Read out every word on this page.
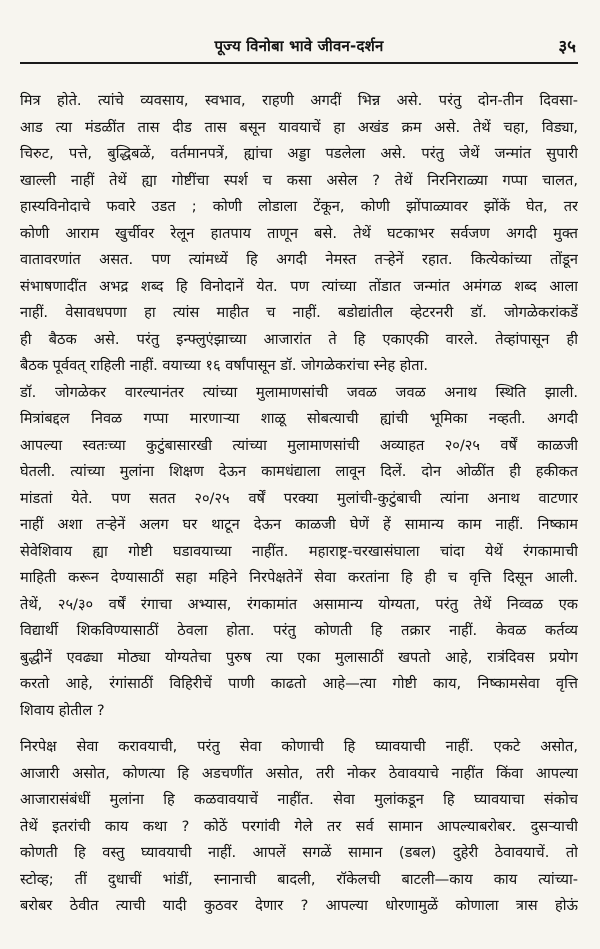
पूज्य विनोबा भावे जीवन-दर्शन	३५
मित्र होते. त्यांचे व्यवसाय, स्वभाव, राहणी अगदीं भिन्न असे. परंतु दोन-तीन दिवसा-
आड त्या मंडळींत तास दीड तास बसून यावयाचें हा अखंड क्रम असे. तेथें चहा, विड्या,
चिरुट, पत्ते, बुद्धिबळें, वर्तमानपत्रें, ह्यांचा अड्डा पडलेला असे. परंतु जेथें जन्मांत सुपारी
खाल्ली नाहीं तेथें ह्या गोष्टींचा स्पर्श च कसा असेल ? तेथें निरनिराळ्या गप्पा चालत,
हास्यविनोदाचे फवारे उडत ; कोणी लोडाला टेंकून, कोणी झोंपाळ्यावर झोंकें घेत, तर
कोणी आराम खुर्चीवर रेलून हातपाय ताणून बसे. तेथें घटकाभर सर्वजण अगदी मुक्त
वातावरणांत असत. पण त्यांमध्यें हि अगदी नेमस्त तऱ्हेनें रहात. कित्येकांच्या तोंडून
संभाषणादींत अभद्र शब्द हि विनोदानें येत. पण त्यांच्या तोंडात जन्मांत अमंगळ शब्द आला
नाहीं. वेसावधपणा हा त्यांस माहीत च नाहीं. बडोद्यांतील व्हेटरनरी डॉ. जोगळेकरांकडें
ही बैठक असे. परंतु इन्फ्लुएंझाच्या आजारांत ते हि एकाएकी वारले. तेव्हांपासून ही
बैठक पूर्ववत् राहिली नाहीं. वयाच्या १६ वर्षांपासून डॉ. जोगळेकरांचा स्नेह होता.
डॉ. जोगळेकर वारल्यानंतर त्यांच्या मुलामाणसांची जवळ जवळ अनाथ स्थिति झाली.
मित्रांबद्दल निवळ गप्पा मारणाऱ्या शाळू सोबत्याची ह्यांची भूमिका नव्हती. अगदी
आपल्या स्वतःच्या कुटुंबासारखी त्यांच्या मुलामाणसांची अव्याहत २०/२५ वर्षें काळजी
घेतली. त्यांच्या मुलांना शिक्षण देऊन कामधंद्याला लावून दिलें. दोन ओळींत ही हकीकत
मांडतां येते. पण सतत २०/२५ वर्षें परक्या मुलांची-कुटुंबाची त्यांना अनाथ वाटणार
नाहीं अशा तऱ्हेनें अलग घर थाटून देऊन काळजी घेणें हें सामान्य काम नाहीं. निष्काम
सेवेशिवाय ह्या गोष्टी घडावयाच्या नाहींत. महाराष्ट्र-चरखासंघाला चांदा येथें रंगकामाची
माहिती करून देण्यासाठीं सहा महिने निरपेक्षतेनें सेवा करतांना हि ही च वृत्ति दिसून आली.
तेथें, २५/३० वर्षें रंगाचा अभ्यास, रंगकामांत असामान्य योग्यता, परंतु तेथें निव्वळ एक
विद्यार्थी शिकविण्यासाठीं ठेवला होता. परंतु कोणती हि तक्रार नाहीं. केवळ कर्तव्य
बुद्धीनें एवढ्या मोठ्या योग्यतेचा पुरुष त्या एका मुलासाठीं खपतो आहे, रात्रंदिवस प्रयोग
करतो आहे, रंगांसाठीं विहिरीचें पाणी काढतो आहे—त्या गोष्टी काय, निष्कामसेवा वृत्ति
शिवाय होतील ?
निरपेक्ष सेवा करावयाची, परंतु सेवा कोणाची हि घ्यावयाची नाहीं. एकटे असोत,
आजारी असोत, कोणत्या हि अडचणींत असोत, तरी नोकर ठेवावयाचे नाहींत किंवा आपल्या
आजारासंबंधीं मुलांना हि कळवावयाचें नाहींत. सेवा मुलांकडून हि घ्यावयाचा संकोच
तेथें इतरांची काय कथा ? कोठें परगांवी गेले तर सर्व सामान आपल्याबरोबर. दुसऱ्याची
कोणती हि वस्तु घ्यावयाची नाहीं. आपलें सगळें सामान (डबल) दुहेरी ठेवावयाचें. तो
स्टोव्ह; तीं दुधाचीं भांडीं, स्नानाची बादली, रॉकेलची बाटली—काय काय त्यांच्या-
बरोबर ठेवीत त्याची यादी कुठवर देणार ? आपल्या धोरणामुळें कोणाला त्रास होऊं
